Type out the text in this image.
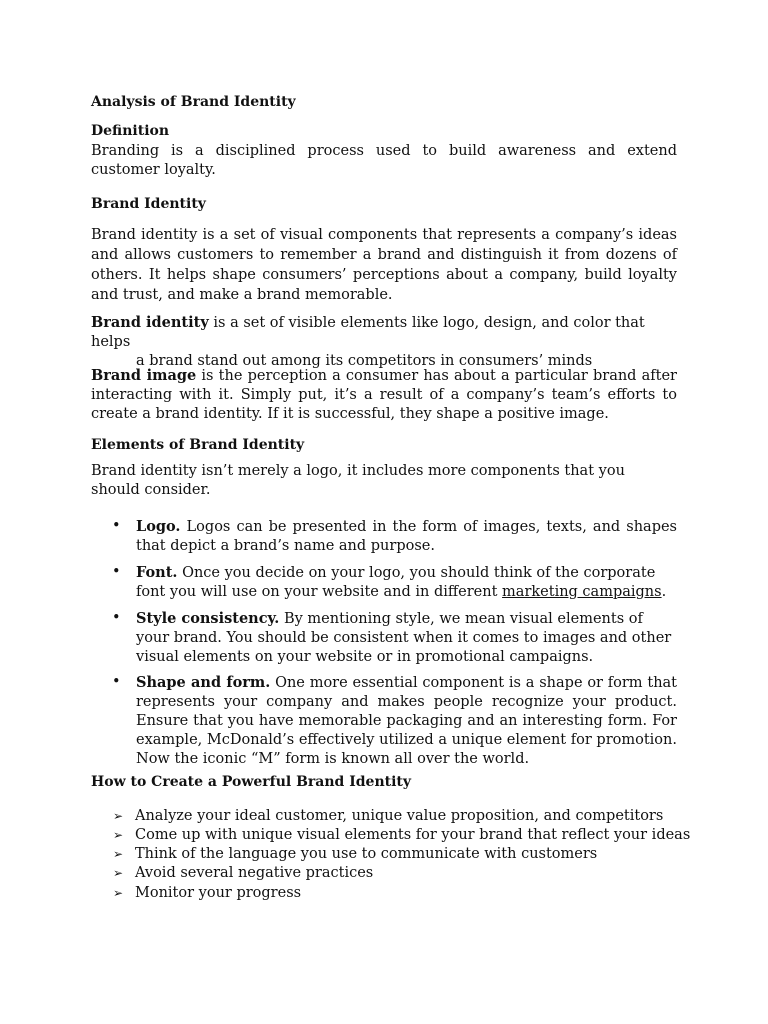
Analysis of Brand Identity
Definition
Branding is a disciplined process used to build awareness and extend customer loyalty.
Brand Identity
Brand identity is a set of visual components that represents a company’s ideas and allows customers to remember a brand and distinguish it from dozens of others. It helps shape consumers’ perceptions about a company, build loyalty and trust, and make a brand memorable.
Brand identity is a set of visible elements like logo, design, and color that helps
a brand stand out among its competitors in consumers’ minds
Brand image is the perception a consumer has about a particular brand after interacting with it. Simply put, it’s a result of a company’s team’s efforts to create a brand identity. If it is successful, they shape a positive image.
Elements of Brand Identity
Brand identity isn’t merely a logo, it includes more components that you should consider.
• Logo. Logos can be presented in the form of images, texts, and shapes that depict a brand’s name and purpose.
• Font. Once you decide on your logo, you should think of the corporate font you will use on your website and in different marketing campaigns.
• Style consistency. By mentioning style, we mean visual elements of your brand. You should be consistent when it comes to images and other visual elements on your website or in promotional campaigns.
• Shape and form. One more essential component is a shape or form that represents your company and makes people recognize your product. Ensure that you have memorable packaging and an interesting form. For example, McDonald’s effectively utilized a unique element for promotion. Now the iconic “M” form is known all over the world.
How to Create a Powerful Brand Identity
➢ Analyze your ideal customer, unique value proposition, and competitors
➢ Come up with unique visual elements for your brand that reflect your ideas
➢ Think of the language you use to communicate with customers
➢ Avoid several negative practices
➢ Monitor your progress
